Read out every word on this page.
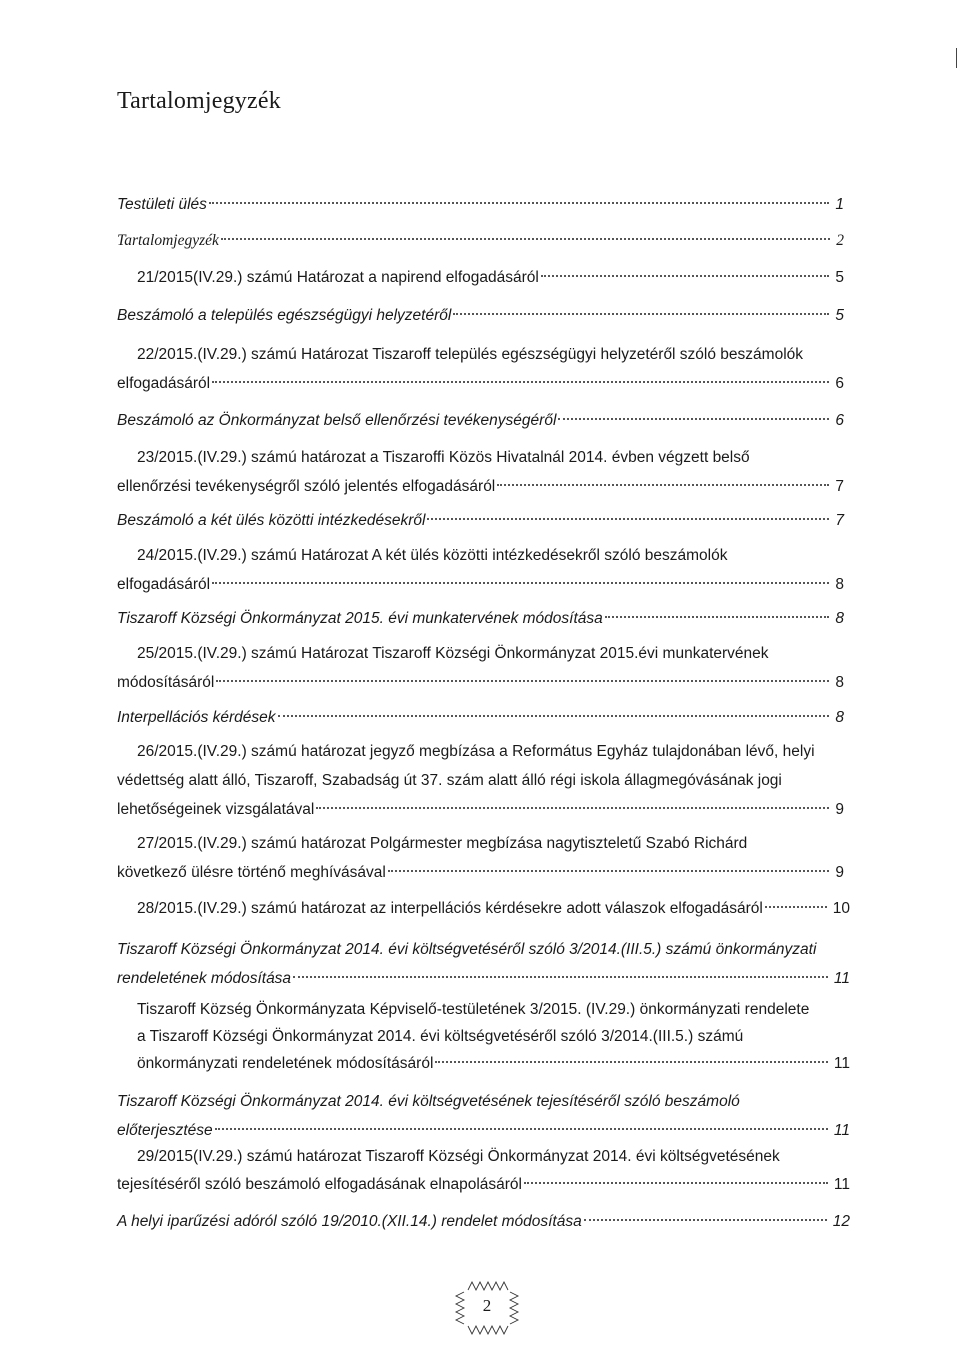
Tartalomjegyzék
Testületi ülés	1
Tartalomjegyzék	2
21/2015(IV.29.) számú Határozat a napirend elfogadásáról	5
Beszámoló a település egészségügyi helyzetéről	5
22/2015.(IV.29.) számú Határozat Tiszaroff település egészségügyi helyzetéről szóló beszámolók
elfogadásáról	6
Beszámoló az Önkormányzat belső ellenőrzési tevékenységéről	6
23/2015.(IV.29.) számú határozat a Tiszaroffi Közös Hivatalnál 2014. évben végzett belső
ellenőrzési tevékenységről szóló jelentés elfogadásáról	7
Beszámoló a két ülés közötti intézkedésekről	7
24/2015.(IV.29.) számú Határozat A két ülés közötti intézkedésekről szóló beszámolók
elfogadásáról	8
Tiszaroff Községi Önkormányzat 2015. évi munkatervének módosítása	8
25/2015.(IV.29.) számú Határozat Tiszaroff Községi Önkormányzat 2015.évi munkatervének
módosításáról	8
Interpellációs kérdések	8
26/2015.(IV.29.) számú határozat jegyző megbízása a Református Egyház tulajdonában lévő, helyi
védettség alatt álló, Tiszaroff, Szabadság út 37. szám alatt álló régi iskola állagmegóvásának jogi
lehetőségeinek vizsgálatával	9
27/2015.(IV.29.) számú határozat Polgármester megbízása nagytiszteletű Szabó Richárd
következő ülésre történő meghívásával	9
28/2015.(IV.29.) számú határozat az interpellációs kérdésekre adott válaszok elfogadásáról	10
Tiszaroff Községi Önkormányzat 2014. évi költségvetéséről szóló 3/2014.(III.5.) számú önkormányzati
rendeletének módosítása	11
Tiszaroff Község Önkormányzata Képviselő-testületének 3/2015. (IV.29.) önkormányzati rendelete
a Tiszaroff Községi Önkormányzat 2014. évi költségvetéséről szóló 3/2014.(III.5.) számú
önkormányzati rendeletének módosításáról	11
Tiszaroff Községi Önkormányzat 2014. évi költségvetésének tejesítéséről szóló beszámoló
előterjesztése	11
29/2015(IV.29.) számú határozat Tiszaroff Községi Önkormányzat 2014. évi költségvetésének
tejesítéséről szóló beszámoló elfogadásának elnapolásáról	11
A helyi iparűzési adóról szóló 19/2010.(XII.14.) rendelet módosítása	12
2
